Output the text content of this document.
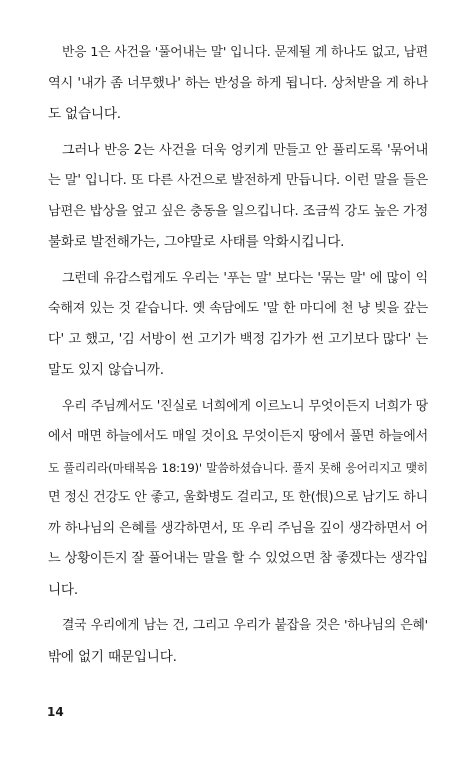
반응 1은 사건을 '풀어내는 말' 입니다. 문제될 게 하나도 없고, 남편
역시 '내가 좀 너무했나' 하는 반성을 하게 됩니다. 상처받을 게 하나
도 없습니다.
그러나 반응 2는 사건을 더욱 엉키게 만들고 안 풀리도록 '묶어내
는 말' 입니다. 또 다른 사건으로 발전하게 만듭니다. 이런 말을 들은
남편은 밥상을 엎고 싶은 충동을 일으킵니다. 조금씩 강도 높은 가정
불화로 발전해가는, 그야말로 사태를 악화시킵니다.
그런데 유감스럽게도 우리는 '푸는 말' 보다는 '묶는 말' 에 많이 익
숙해져 있는 것 같습니다. 옛 속담에도 '말 한 마디에 천 냥 빚을 갚는
다' 고 했고, '김 서방이 썬 고기가 백정 김가가 썬 고기보다 많다' 는
말도 있지 않습니까.
우리 주님께서도 '진실로 너희에게 이르노니 무엇이든지 너희가 땅
에서 매면 하늘에서도 매일 것이요 무엇이든지 땅에서 풀면 하늘에서
도 풀리리라(마태복음 18:19)' 말씀하셨습니다. 풀지 못해 응어리지고 맺히
면 정신 건강도 안 좋고, 울화병도 걸리고, 또 한(恨)으로 남기도 하니
까 하나님의 은혜를 생각하면서, 또 우리 주님을 깊이 생각하면서 어
느 상황이든지 잘 풀어내는 말을 할 수 있었으면 참 좋겠다는 생각입
니다.
결국 우리에게 남는 건, 그리고 우리가 붙잡을 것은 '하나님의 은혜'
밖에 없기 때문입니다.
14
